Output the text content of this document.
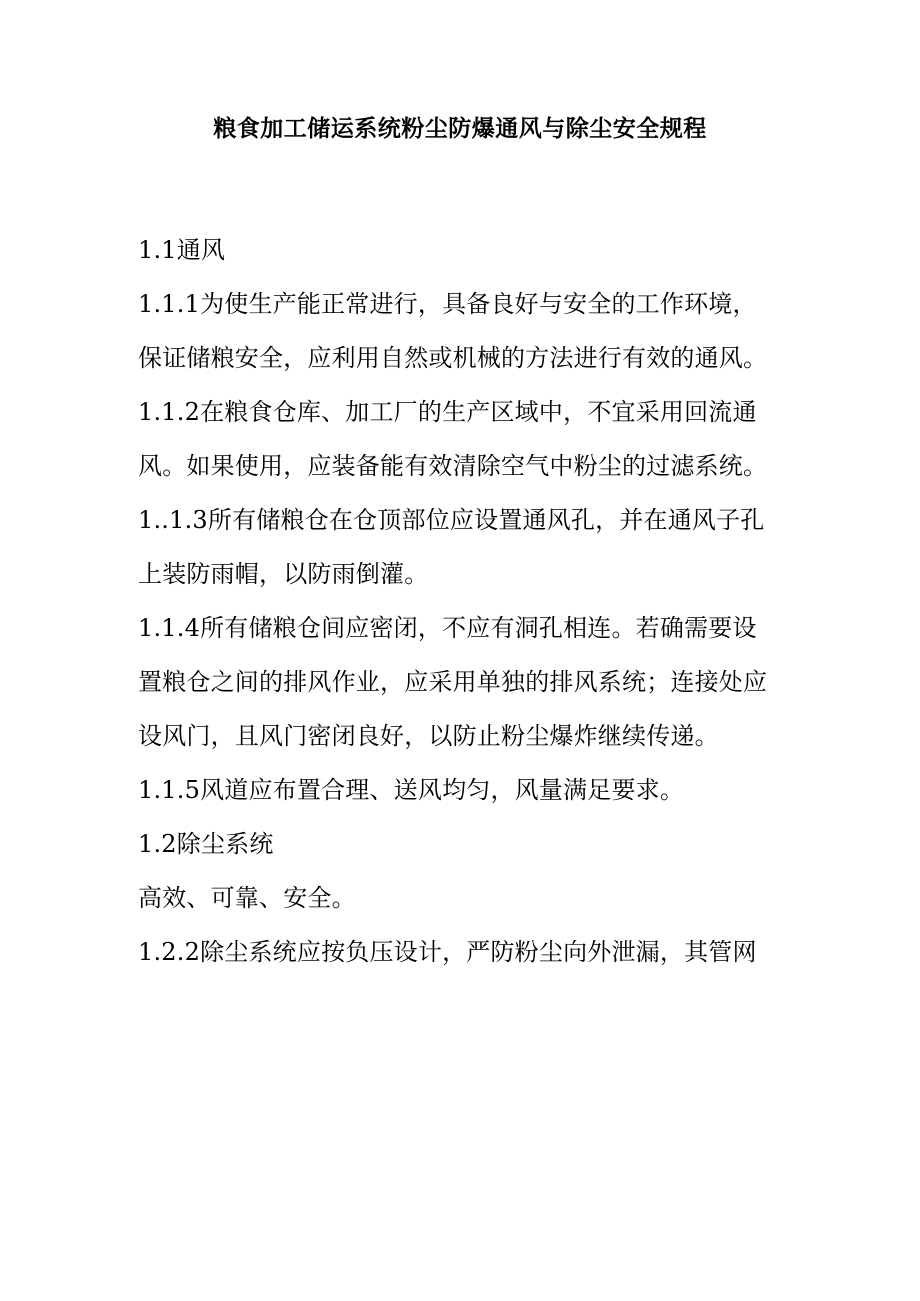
粮食加工储运系统粉尘防爆通风与除尘安全规程
1.1通风
1.1.1为使生产能正常进行，具备良好与安全的工作环境，
保证储粮安全，应利用自然或机械的方法进行有效的通风。
1.1.2在粮食仓库、加工厂的生产区域中，不宜采用回流通
风。如果使用，应装备能有效清除空气中粉尘的过滤系统。
1..1.3所有储粮仓在仓顶部位应设置通风孔，并在通风子孔
上装防雨帽，以防雨倒灌。
1.1.4所有储粮仓间应密闭，不应有洞孔相连。若确需要设
置粮仓之间的排风作业，应采用单独的排风系统；连接处应
设风门，且风门密闭良好，以防止粉尘爆炸继续传递。
1.1.5风道应布置合理、送风均匀，风量满足要求。
1.2除尘系统
高效、可靠、安全。
1.2.2除尘系统应按负压设计，严防粉尘向外泄漏，其管网
